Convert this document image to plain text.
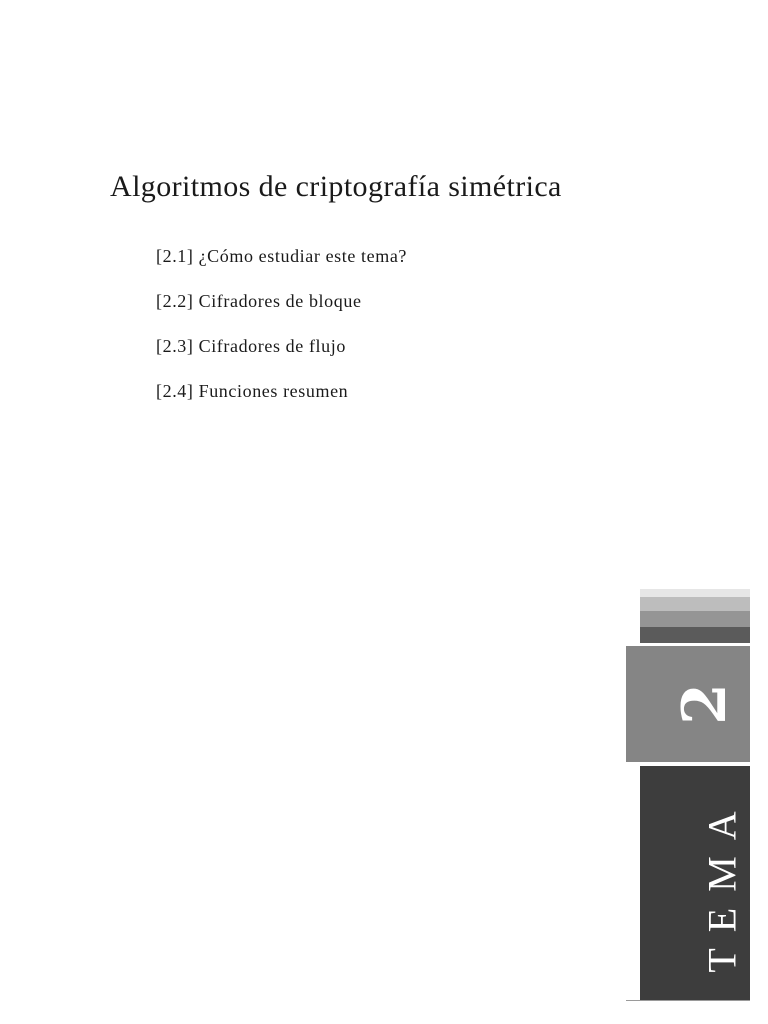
Algoritmos de criptografía simétrica
[2.1] ¿Cómo estudiar este tema?
[2.2] Cifradores de bloque
[2.3] Cifradores de flujo
[2.4] Funciones resumen
2
TEMA
